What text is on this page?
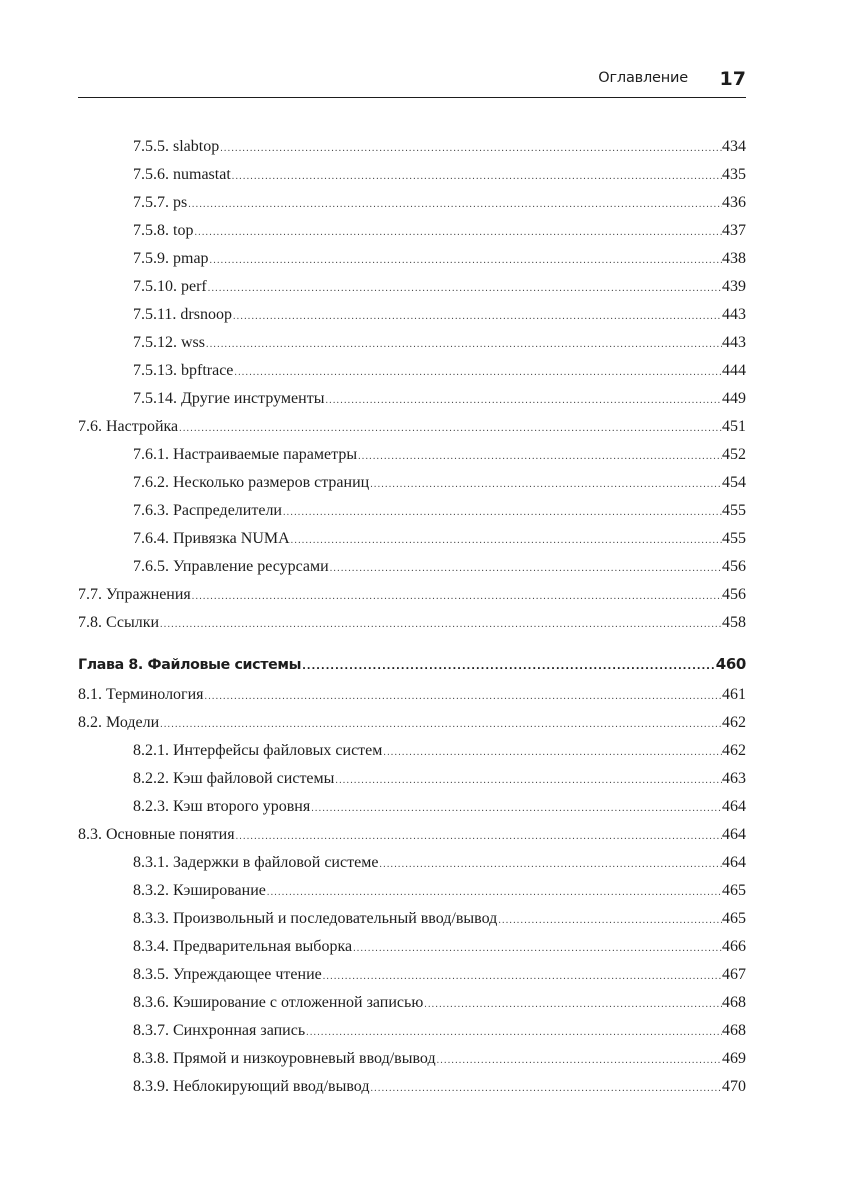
Оглавление 17
7.5.5. slabtop .....	434
7.5.6. numastat .....	435
7.5.7. ps .....	436
7.5.8. top .....	437
7.5.9. pmap .....	438
7.5.10. perf .....	439
7.5.11. drsnoop .....	443
7.5.12. wss .....	443
7.5.13. bpftrace .....	444
7.5.14. Другие инструменты .....	449
7.6. Настройка .....	451
7.6.1. Настраиваемые параметры .....	452
7.6.2. Несколько размеров страниц .....	454
7.6.3. Распределители .....	455
7.6.4. Привязка NUMA .....	455
7.6.5. Управление ресурсами .....	456
7.7. Упражнения .....	456
7.8. Ссылки .....	458
Глава 8. Файловые системы .....	460
8.1. Терминология .....	461
8.2. Модели .....	462
8.2.1. Интерфейсы файловых систем .....	462
8.2.2. Кэш файловой системы .....	463
8.2.3. Кэш второго уровня .....	464
8.3. Основные понятия .....	464
8.3.1. Задержки в файловой системе .....	464
8.3.2. Кэширование .....	465
8.3.3. Произвольный и последовательный ввод/вывод .....	465
8.3.4. Предварительная выборка .....	466
8.3.5. Упреждающее чтение .....	467
8.3.6. Кэширование с отложенной записью .....	468
8.3.7. Синхронная запись .....	468
8.3.8. Прямой и низкоуровневый ввод/вывод .....	469
8.3.9. Неблокирующий ввод/вывод .....	470
